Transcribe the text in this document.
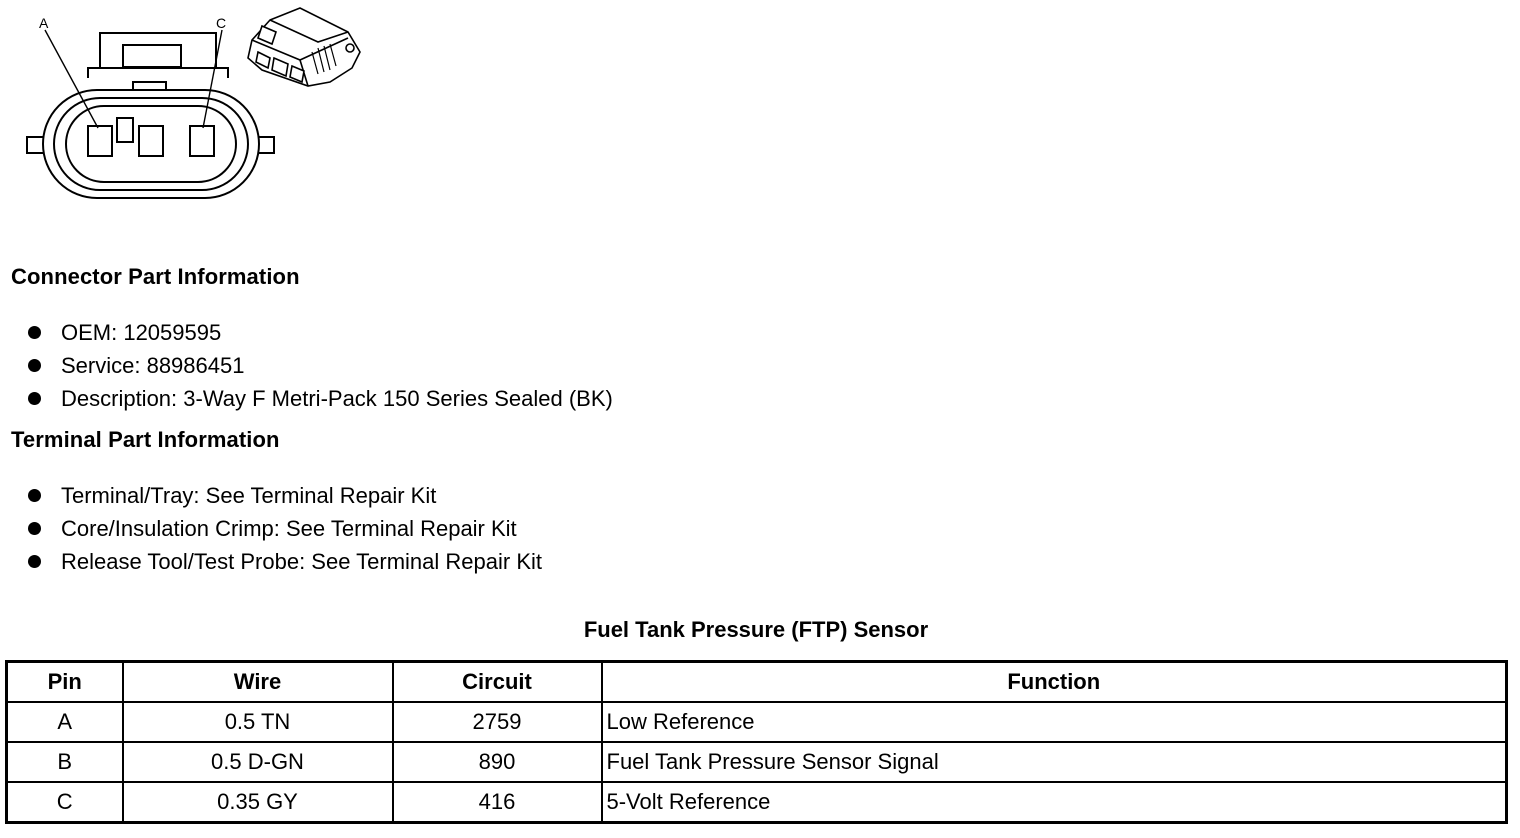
A	C
Connector Part Information
OEM: 12059595
Service: 88986451
Description: 3-Way F Metri-Pack 150 Series Sealed (BK)
Terminal Part Information
Terminal/Tray: See Terminal Repair Kit
Core/Insulation Crimp: See Terminal Repair Kit
Release Tool/Test Probe: See Terminal Repair Kit
Fuel Tank Pressure (FTP) Sensor
Pin	Wire	Circuit	Function
A	0.5 TN	2759	Low Reference
B	0.5 D-GN	890	Fuel Tank Pressure Sensor Signal
C	0.35 GY	416	5-Volt Reference
